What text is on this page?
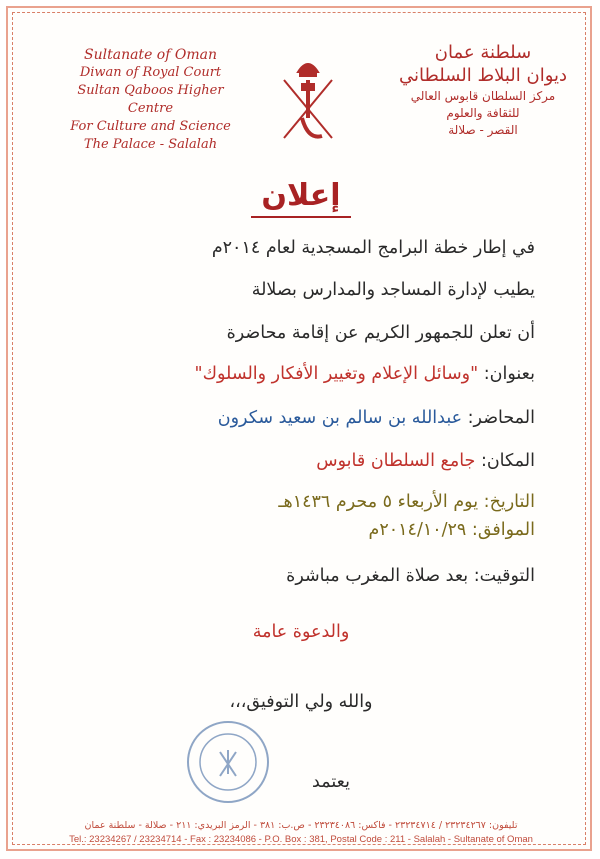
Sultanate of Oman
Diwan of Royal Court
Sultan Qaboos Higher Centre
For Culture and Science
The Palace - Salalah
سلطنة عمان
ديوان البلاط السلطاني
مركز السلطان قابوس العالي
للثقافة والعلوم
القصر - صلالة
إعلان
في إطار خطة البرامج المسجدية لعام ٢٠١٤م
يطيب لإدارة المساجد والمدارس بصلالة
أن تعلن للجمهور الكريم عن إقامة محاضرة
بعنوان: "وسائل الإعلام وتغيير الأفكار والسلوك"
المحاضر: عبدالله بن سالم بن سعيد سكرون
المكان: جامع السلطان قابوس
التاريخ: يوم الأربعاء ٥ محرم ١٤٣٦هـ
الموافق: ٢٠١٤/١٠/٢٩م
التوقيت: بعد صلاة المغرب مباشرة
والدعوة عامة
والله ولي التوفيق،،،
يعتمد
تليفون: ٢٣٢٣٤٢٦٧ / ٢٣٢٣٤٧١٤ - فاكس: ٢٣٢٣٤٠٨٦ - ص.ب: ٣٨١ - الرمز البريدي: ٢١١ - صلالة - سلطنة عمان
Tel.: 23234267 / 23234714 - Fax : 23234086 - P.O. Box : 381, Postal Code : 211 - Salalah - Sultanate of Oman
